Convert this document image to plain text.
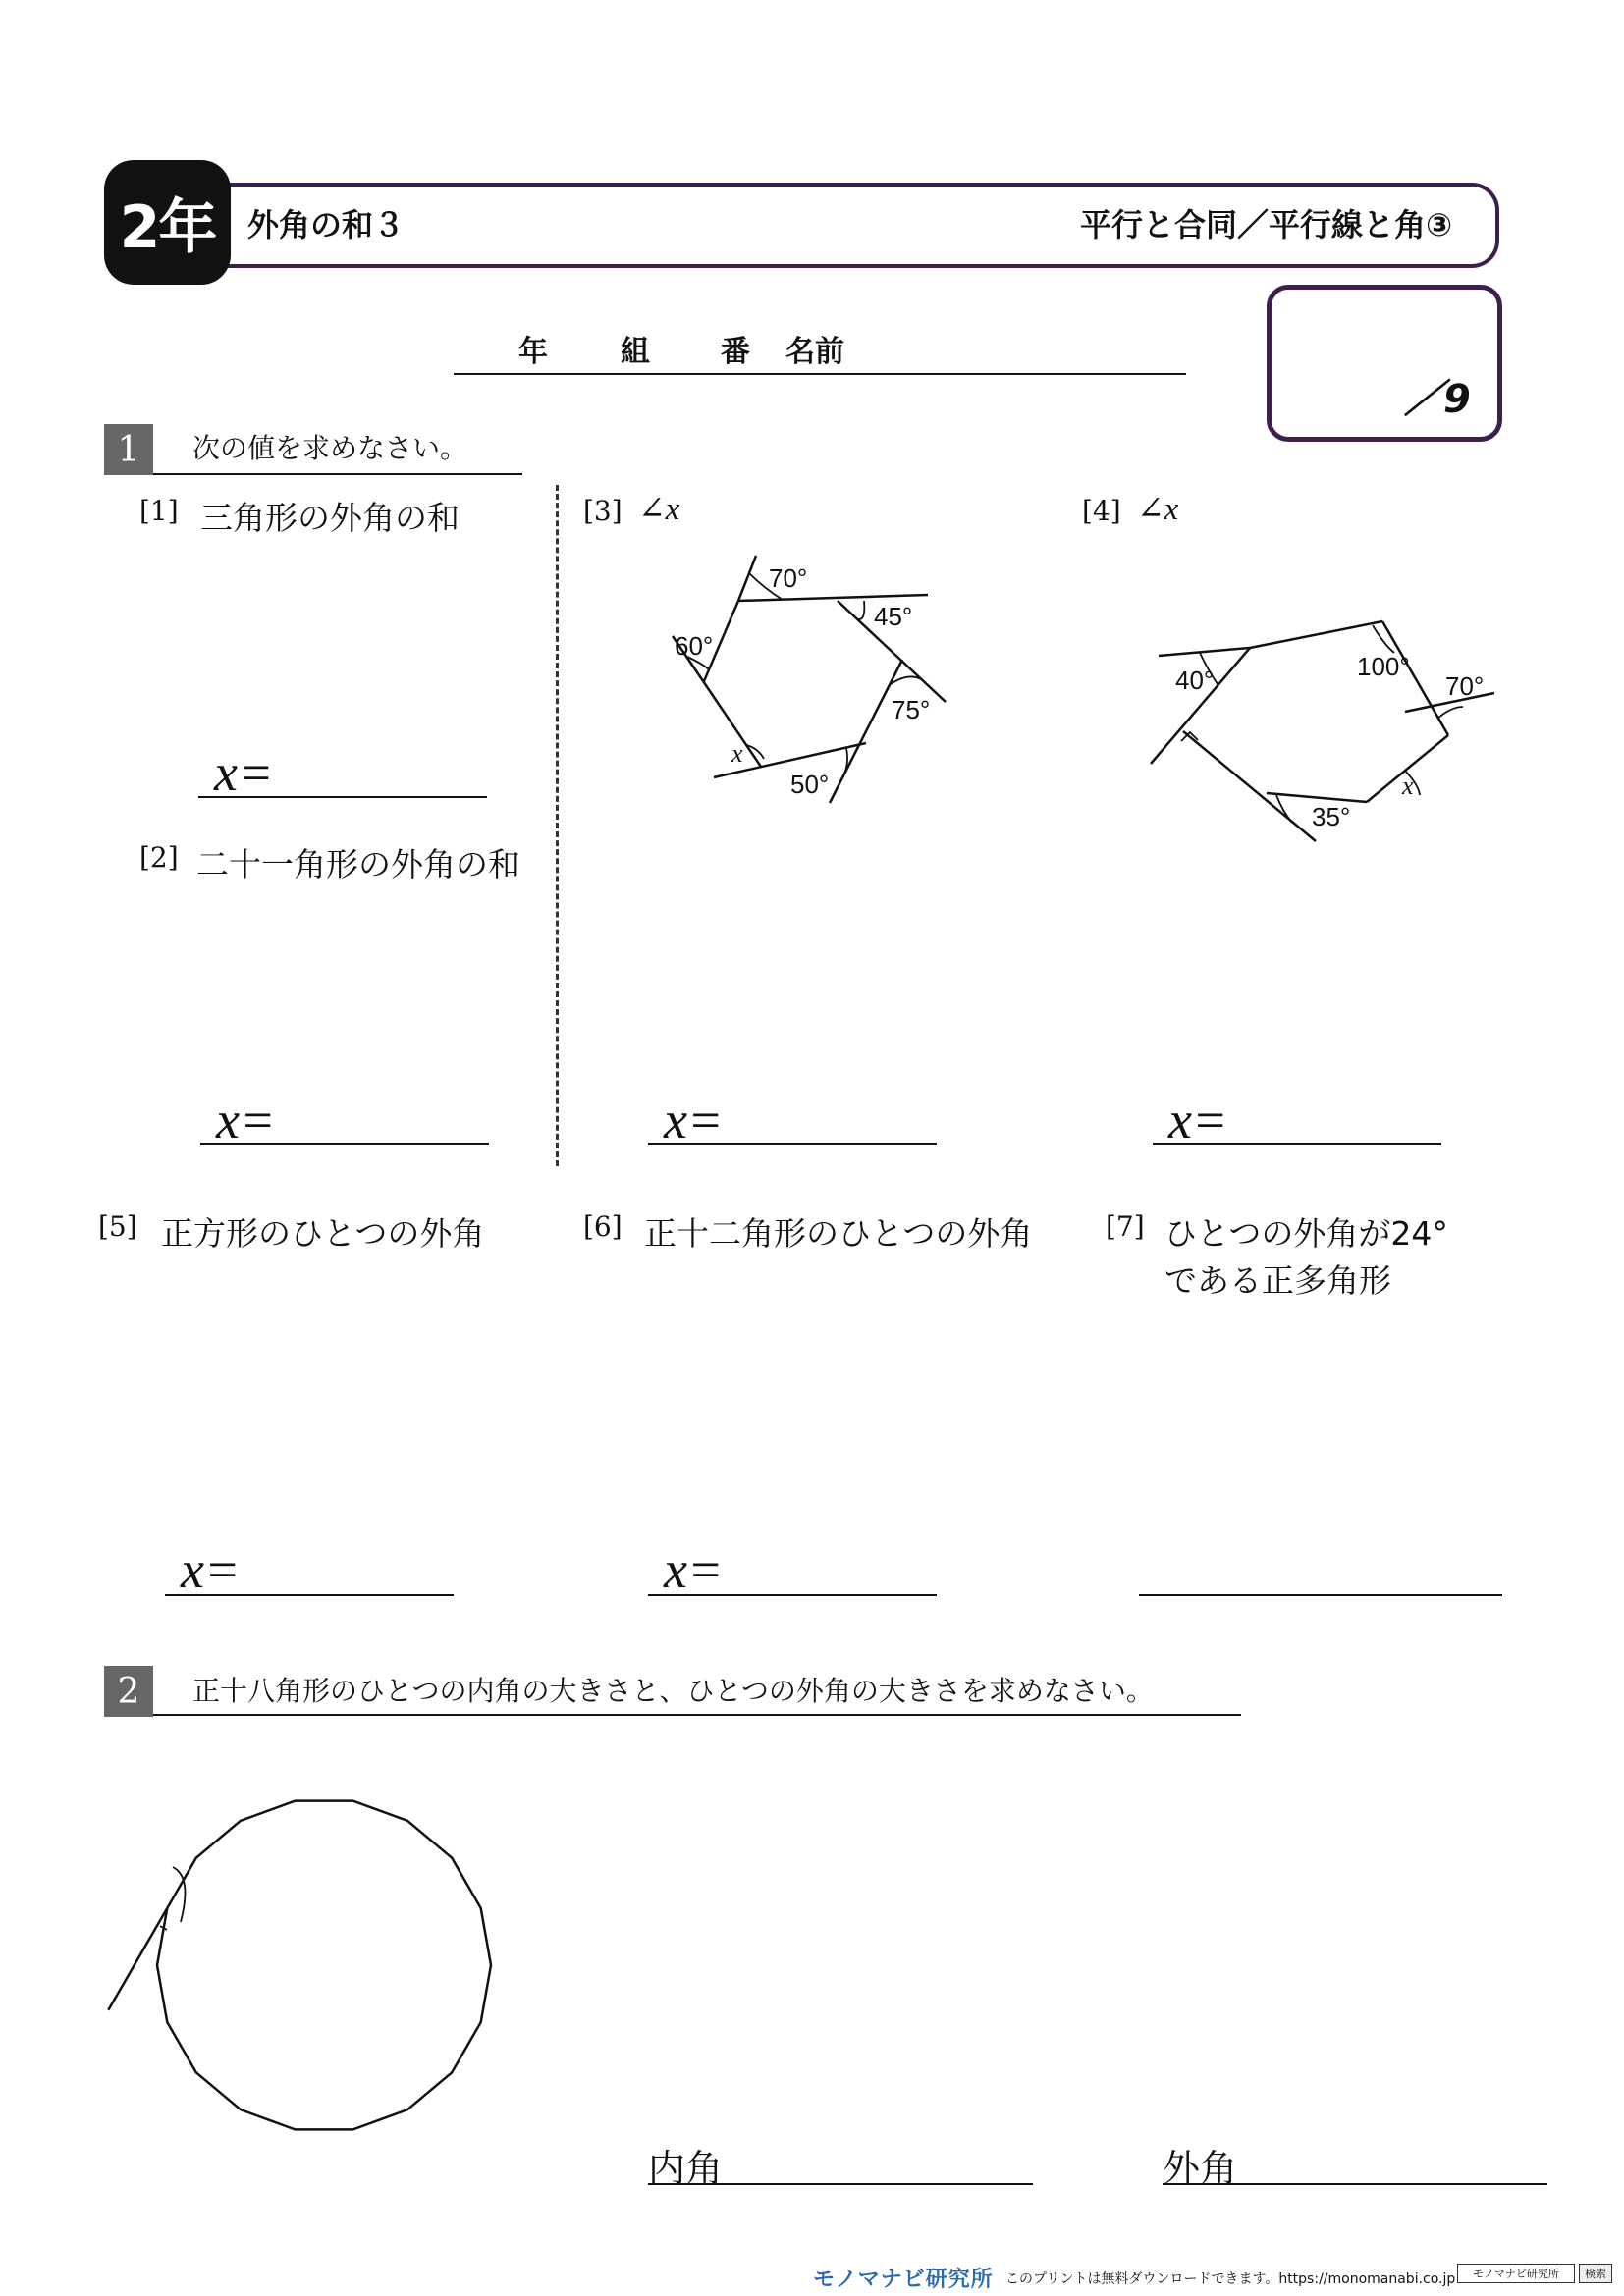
2年	外角の和３	平行と合同／平行線と角③
／9
年 組 番 名前
1	次の値を求めなさい。
[1] 三角形の外角の和
x=
[2] 二十一角形の外角の和
x=
[3] ∠x
70°
45°
60°
75°
50°
x
x=
[4] ∠x
40°	100°
70°
35°
x
x=
[5] 正方形のひとつの外角
x=
[6] 正十二角形のひとつの外角
x=
[7] ひとつの外角が24°
である正多角形
2	正十八角形のひとつの内角の大きさと、ひとつの外角の大きさを求めなさい。
内角	外角
モノマナビ研究所 このプリントは無料ダウンロードできます。https://monomanabi.co.jp	モノマナビ研究所	検索
